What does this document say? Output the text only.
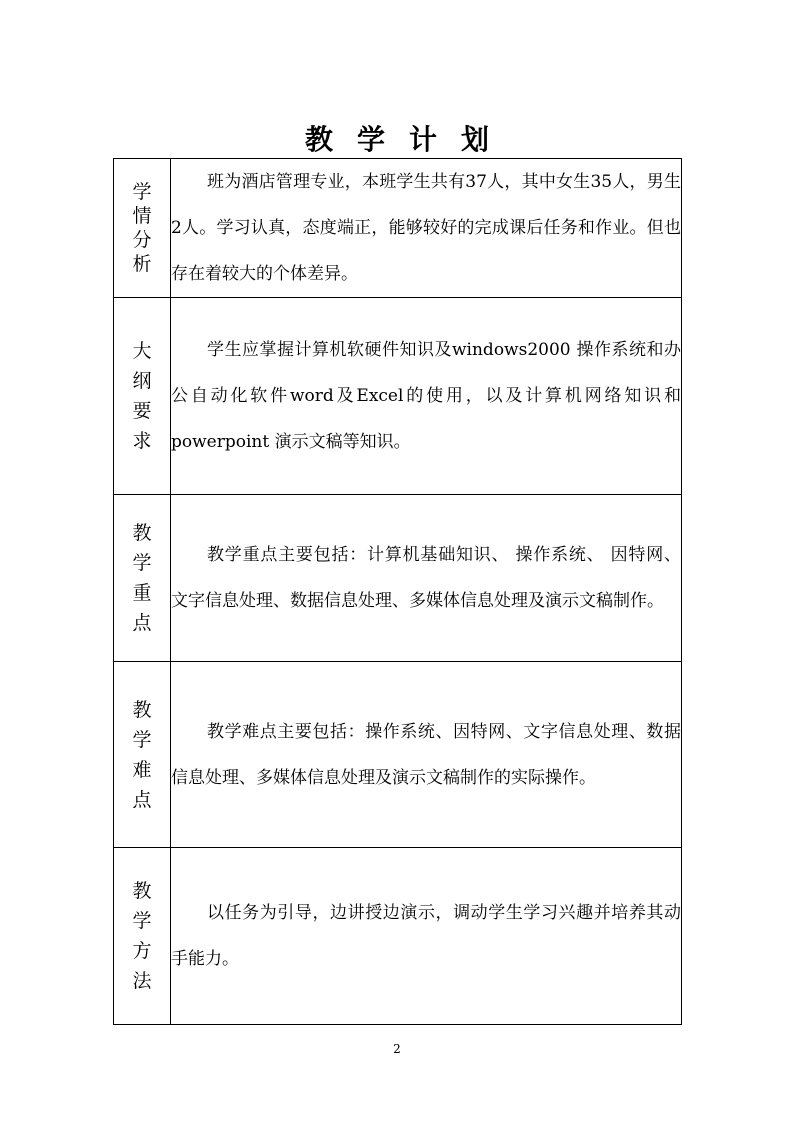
教学计划
学
情
分
析	班为酒店管理专业，本班学生共有37人，其中女生35人，男生2人。学习认真，态度端正，能够较好的完成课后任务和作业。但也存在着较大的个体差异。

大
纲
要
求	学生应掌握计算机软硬件知识及windows2000 操作系统和办公自动化软件word及Excel的使用，以及计算机网络知识和powerpoint 演示文稿等知识。

教
学
重
点	教学重点主要包括：计算机基础知识、 操作系统、 因特网、 文字信息处理、数据信息处理、多媒体信息处理及演示文稿制作。

教
学
难
点	教学难点主要包括：操作系统、因特网、文字信息处理、数据信息处理、多媒体信息处理及演示文稿制作的实际操作。

教
学
方
法	以任务为引导，边讲授边演示，调动学生学习兴趣并培养其动手能力。

2
